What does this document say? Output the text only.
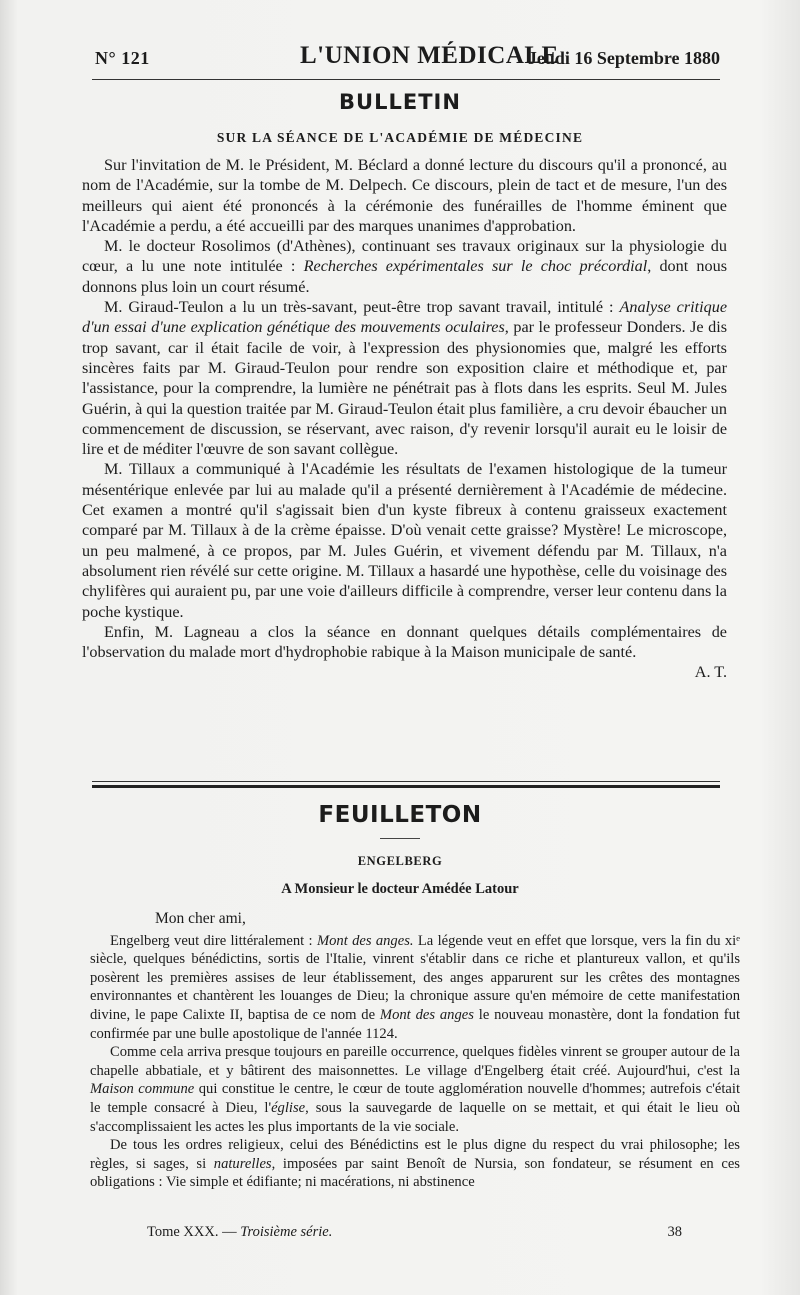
N° 121	L'UNION MÉDICALE
Jeudi 16 Septembre 1880
BULLETIN
SUR LA SÉANCE DE L'ACADÉMIE DE MÉDECINE

Sur l'invitation de M. le Président, M. Béclard a donné lecture du discours qu'il a prononcé, au nom de l'Académie, sur la tombe de M. Delpech. Ce discours, plein de tact et de mesure, l'un des meilleurs qui aient été prononcés à la cérémonie des funérailles de l'homme éminent que l'Académie a perdu, a été accueilli par des marques unanimes d'approbation.

M. le docteur Rosolimos (d'Athènes), continuant ses travaux originaux sur la physiologie du cœur, a lu une note intitulée : Recherches expérimentales sur le choc précordial, dont nous donnons plus loin un court résumé.

M. Giraud-Teulon a lu un très-savant, peut-être trop savant travail, intitulé : Analyse critique d'un essai d'une explication génétique des mouvements oculaires, par le professeur Donders. Je dis trop savant, car il était facile de voir, à l'expression des physionomies que, malgré les efforts sincères faits par M. Giraud-Teulon pour rendre son exposition claire et méthodique et, par l'assistance, pour la comprendre, la lumière ne pénétrait pas à flots dans les esprits. Seul M. Jules Guérin, à qui la question traitée par M. Giraud-Teulon était plus familière, a cru devoir ébaucher un commencement de discussion, se réservant, avec raison, d'y revenir lorsqu'il aurait eu le loisir de lire et de méditer l'œuvre de son savant collègue.

M. Tillaux a communiqué à l'Académie les résultats de l'examen histologique de la tumeur mésentérique enlevée par lui au malade qu'il a présenté dernièrement à l'Académie de médecine. Cet examen a montré qu'il s'agissait bien d'un kyste fibreux à contenu graisseux exactement comparé par M. Tillaux à de la crème épaisse. D'où venait cette graisse? Mystère! Le microscope, un peu malmené, à ce propos, par M. Jules Guérin, et vivement défendu par M. Tillaux, n'a absolument rien révélé sur cette origine. M. Tillaux a hasardé une hypothèse, celle du voisinage des chylifères qui auraient pu, par une voie d'ailleurs difficile à comprendre, verser leur contenu dans la poche kystique.

Enfin, M. Lagneau a clos la séance en donnant quelques détails complémentaires de l'observation du malade mort d'hydrophobie rabique à la Maison municipale de santé.
A. T.

FEUILLETON
ENGELBERG
A Monsieur le docteur Amédée Latour

Mon cher ami,

Engelberg veut dire littéralement : Mont des anges. La légende veut en effet que lorsque, vers la fin du xiᵉ siècle, quelques bénédictins, sortis de l'Italie, vinrent s'établir dans ce riche et plantureux vallon, et qu'ils posèrent les premières assises de leur établissement, des anges apparurent sur les crêtes des montagnes environnantes et chantèrent les louanges de Dieu; la chronique assure qu'en mémoire de cette manifestation divine, le pape Calixte II, baptisa de ce nom de Mont des anges le nouveau monastère, dont la fondation fut confirmée par une bulle apostolique de l'année 1124.

Comme cela arriva presque toujours en pareille occurrence, quelques fidèles vinrent se grouper autour de la chapelle abbatiale, et y bâtirent des maisonnettes. Le village d'Engelberg était créé. Aujourd'hui, c'est la Maison commune qui constitue le centre, le cœur de toute agglomération nouvelle d'hommes; autrefois c'était le temple consacré à Dieu, l'église, sous la sauvegarde de laquelle on se mettait, et qui était le lieu où s'accomplissaient les actes les plus importants de la vie sociale.

De tous les ordres religieux, celui des Bénédictins est le plus digne du respect du vrai philosophe; les règles, si sages, si naturelles, imposées par saint Benoît de Nursia, son fondateur, se résument en ces obligations : Vie simple et édifiante; ni macérations, ni abstinence

Tome XXX. — Troisième série.	38
